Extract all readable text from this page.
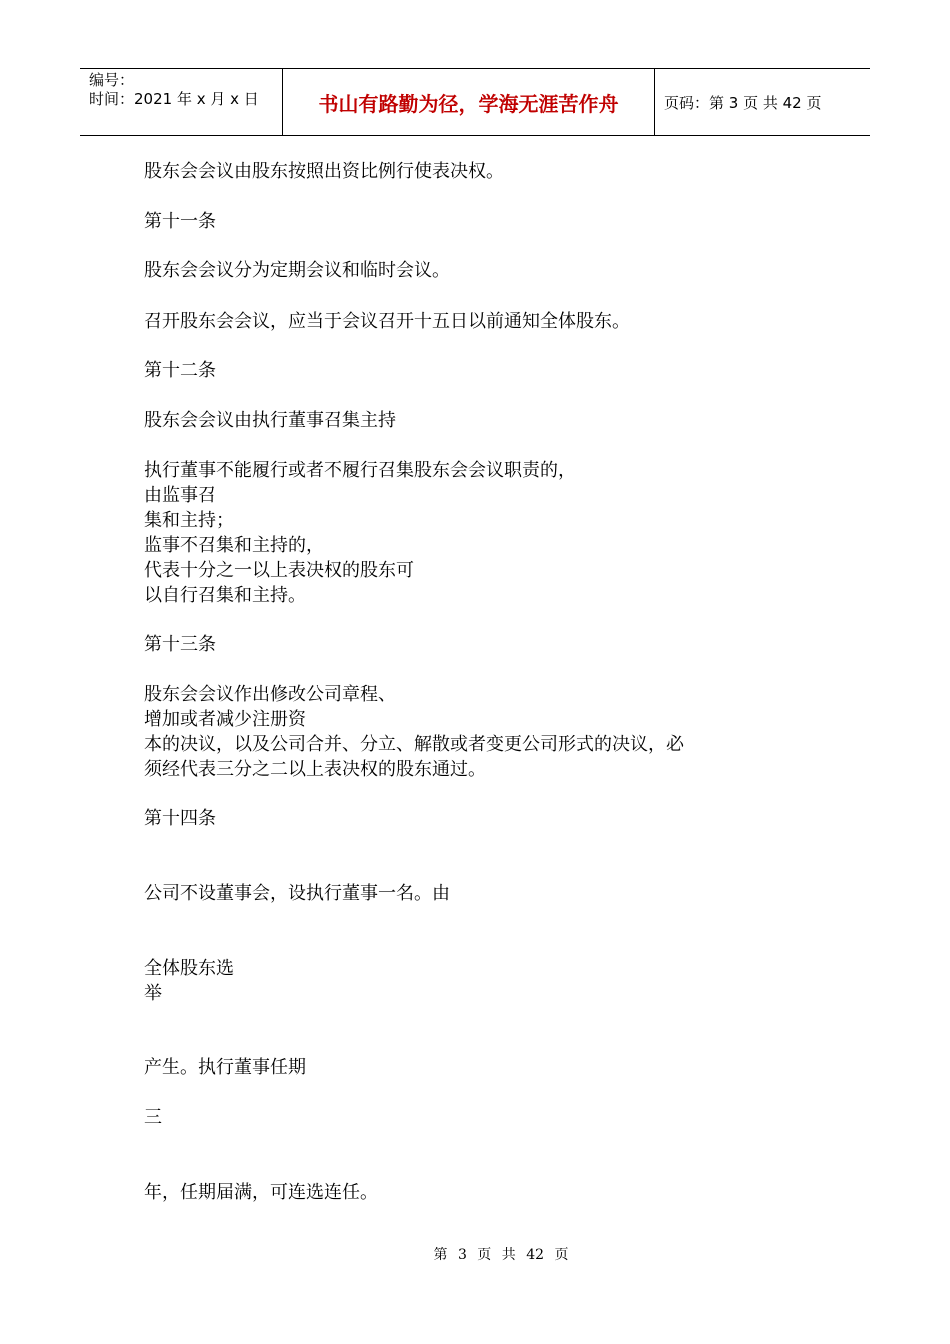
编号：
时间：2021 年 x 月 x 日	书山有路勤为径，学海无涯苦作舟	页码：第 3 页 共 42 页
股东会会议由股东按照出资比例行使表决权。
第十一条
股东会会议分为定期会议和临时会议。
召开股东会会议，应当于会议召开十五日以前通知全体股东。
第十二条
股东会会议由执行董事召集主持
执行董事不能履行或者不履行召集股东会会议职责的，
由监事召
集和主持；
监事不召集和主持的，
代表十分之一以上表决权的股东可
以自行召集和主持。
第十三条
股东会会议作出修改公司章程、
增加或者减少注册资
本的决议，以及公司合并、分立、解散或者变更公司形式的决议，必
须经代表三分之二以上表决权的股东通过。
第十四条
公司不设董事会，设执行董事一名。由
全体股东选
举
产生。执行董事任期
三
年，任期届满，可连选连任。
第 3 页 共 42 页
